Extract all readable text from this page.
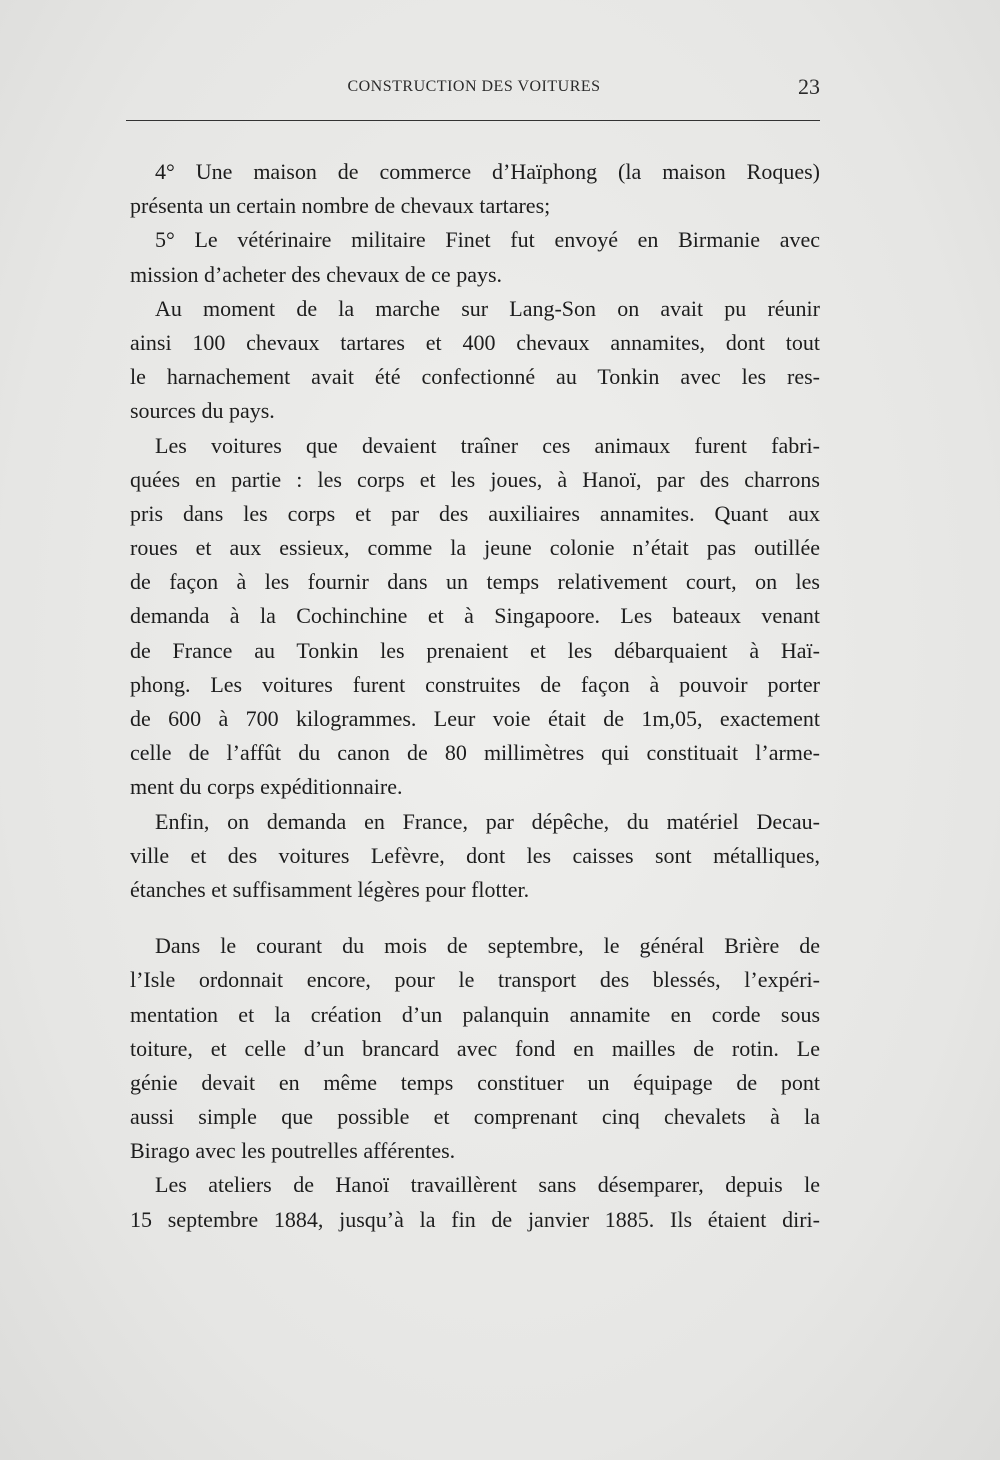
CONSTRUCTION DES VOITURES	23
4° Une maison de commerce d’Haïphong (la maison Roques)
présenta un certain nombre de chevaux tartares;
5° Le vétérinaire militaire Finet fut envoyé en Birmanie avec
mission d’acheter des chevaux de ce pays.
Au moment de la marche sur Lang-Son on avait pu réunir
ainsi 100 chevaux tartares et 400 chevaux annamites, dont tout
le harnachement avait été confectionné au Tonkin avec les res-
sources du pays.
Les voitures que devaient traîner ces animaux furent fabri-
quées en partie : les corps et les joues, à Hanoï, par des charrons
pris dans les corps et par des auxiliaires annamites. Quant aux
roues et aux essieux, comme la jeune colonie n’était pas outillée
de façon à les fournir dans un temps relativement court, on les
demanda à la Cochinchine et à Singapoore. Les bateaux venant
de France au Tonkin les prenaient et les débarquaient à Haï-
phong. Les voitures furent construites de façon à pouvoir porter
de 600 à 700 kilogrammes. Leur voie était de 1m,05, exactement
celle de l’affût du canon de 80 millimètres qui constituait l’arme-
ment du corps expéditionnaire.
Enfin, on demanda en France, par dépêche, du matériel Decau-
ville et des voitures Lefèvre, dont les caisses sont métalliques,
étanches et suffisamment légères pour flotter.
Dans le courant du mois de septembre, le général Brière de
l’Isle ordonnait encore, pour le transport des blessés, l’expéri-
mentation et la création d’un palanquin annamite en corde sous
toiture, et celle d’un brancard avec fond en mailles de rotin. Le
génie devait en même temps constituer un équipage de pont
aussi simple que possible et comprenant cinq chevalets à la
Birago avec les poutrelles afférentes.
Les ateliers de Hanoï travaillèrent sans désemparer, depuis le
15 septembre 1884, jusqu’à la fin de janvier 1885. Ils étaient diri-
